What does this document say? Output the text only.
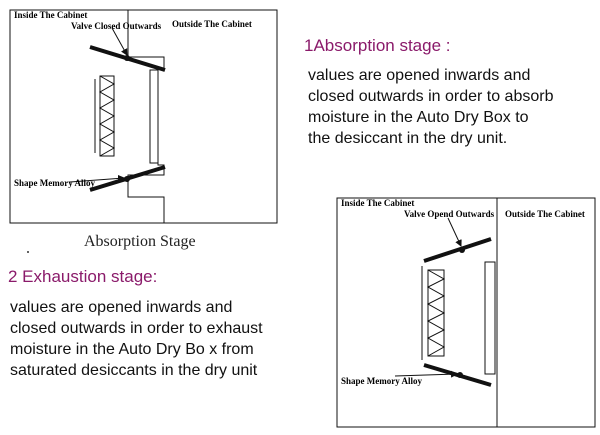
Inside The Cabinet
Valve Closed Outwards Outside The Cabinet
Shape Memory Alloy
Inside The Cabinet
Valve Opend Outwards Outside The Cabinet
Shape Memory Alloy
1Absorption stage :
values are opened inwards and
closed outwards in order to absorb
moisture in the Auto Dry Box to
the desiccant in the dry unit.
Absorption Stage
2 Exhaustion stage:
values are opened inwards and
closed outwards in order to exhaust
moisture in the Auto Dry Bo x from
saturated desiccants in the dry unit
